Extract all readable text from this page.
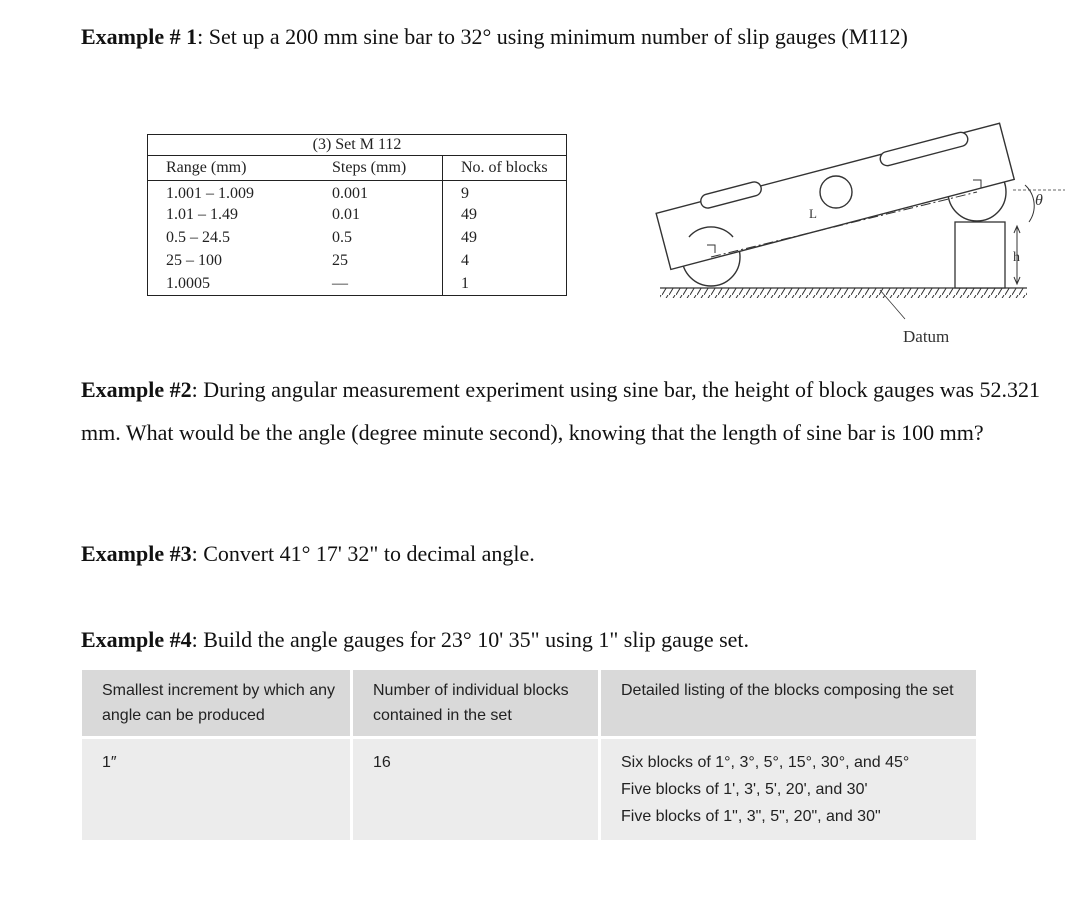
Example # 1: Set up a 200 mm sine bar to 32° using minimum number of slip gauges (M112)

(3) Set M 112		
Range (mm)	Steps (mm)	No. of blocks
1.001 – 1.009	0.001	9
1.01 – 1.49	0.01	49
0.5 – 24.5	0.5	49
25 – 100	25	4
1.0005	—	1
L
θ
h
Datum

Example #2: During angular measurement experiment using sine bar, the height of block gauges was 52.321 mm. What would be the angle (degree minute second), knowing that the length of sine bar is 100 mm?

Example #3: Convert 41° 17' 32" to decimal angle.

Example #4: Build the angle gauges for 23° 10' 35" using 1" slip gauge set.

Smallest increment by which any angle can be produced	Number of individual blocks contained in the set	Detailed listing of the blocks composing the set
1″	16	Six blocks of 1°, 3°, 5°, 15°, 30°, and 45°
Five blocks of 1', 3', 5', 20', and 30'
Five blocks of 1", 3", 5", 20", and 30"
